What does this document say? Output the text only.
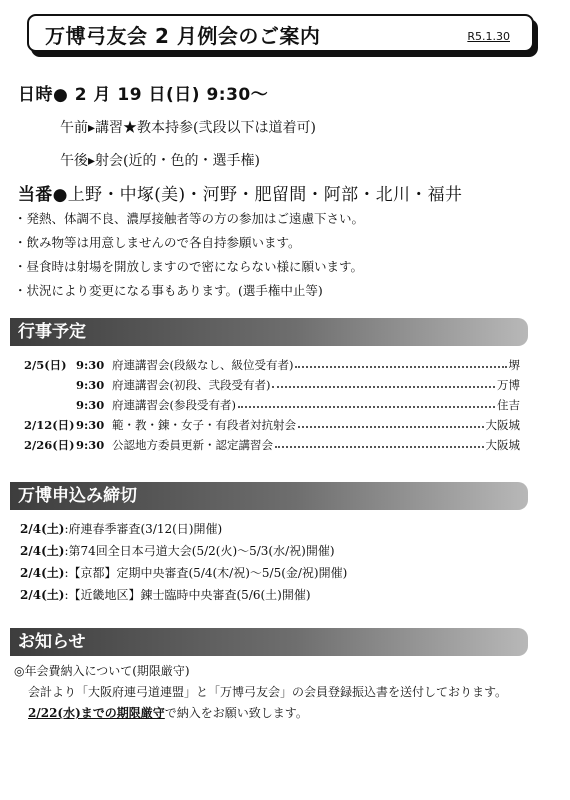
万博弓友会 2 月例会のご案内	R5.1.30
日時● 2 月 19 日(日) 9:30〜
午前▸講習★教本持参(弐段以下は道着可)
午後▸射会(近的・色的・選手権)
当番●上野・中塚(美)・河野・肥留間・阿部・北川・福井
・発熱、体調不良、濃厚接触者等の方の参加はご遠慮下さい。
・飲み物等は用意しませんので各自持参願います。
・昼食時は射場を開放しますので密にならない様に願います。
・状況により変更になる事もあります。(選手権中止等)
行事予定
2/5(日) 9:30 府連講習会(段級なし、級位受有者)	堺
9:30 府連講習会(初段、弐段受有者)	万博
9:30 府連講習会(参段受有者)	住吉
2/12(日) 9:30 範・教・錬・女子・有段者対抗射会	大阪城
2/26(日) 9:30 公認地方委員更新・認定講習会	大阪城
万博申込み締切
2/4(土):府連春季審査(3/12(日)開催)
2/4(土):第74回全日本弓道大会(5/2(火)〜5/3(水/祝)開催)
2/4(土):【京都】定期中央審査(5/4(木/祝)〜5/5(金/祝)開催)
2/4(土):【近畿地区】錬士臨時中央審査(5/6(土)開催)
お知らせ
◎年会費納入について(期限厳守)
会計より「大阪府連弓道連盟」と「万博弓友会」の会員登録振込書を送付しております。
2/22(水)までの期限厳守で納入をお願い致します。
